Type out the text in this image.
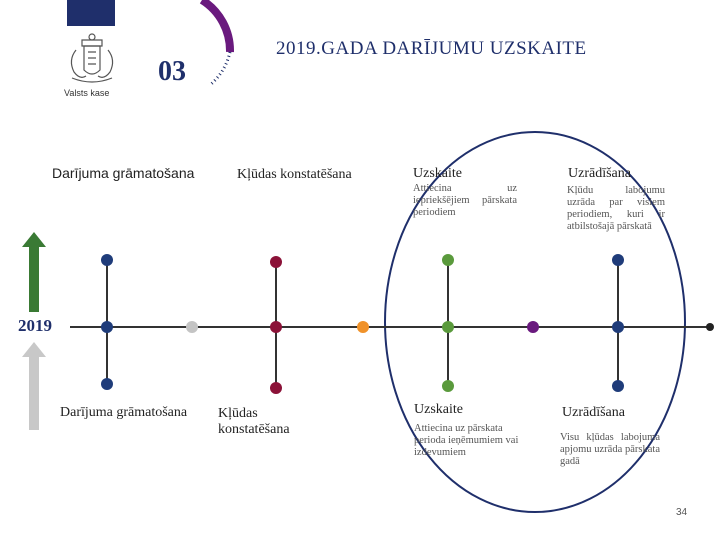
Valsts kase
03
2019.GADA DARĪJUMU UZSKAITE
2019
Darījuma grāmatošana	Kļūdas konstatēšana	Uzskaite
Attiecina uz iepriekšējiem pārskata periodiem
Uzrādīšana
Kļūdu labojumu uzrāda par visiem periodiem, kuri ir atbilstošajā pārskatā
Darījuma grāmatošana Kļūdas konstatēšana
Uzskaite
Attiecina uz pārskata perioda ieņēmumiem vai izdevumiem
Uzrādīšana
Visu kļūdas labojuma apjomu uzrāda pārskata gadā
34
